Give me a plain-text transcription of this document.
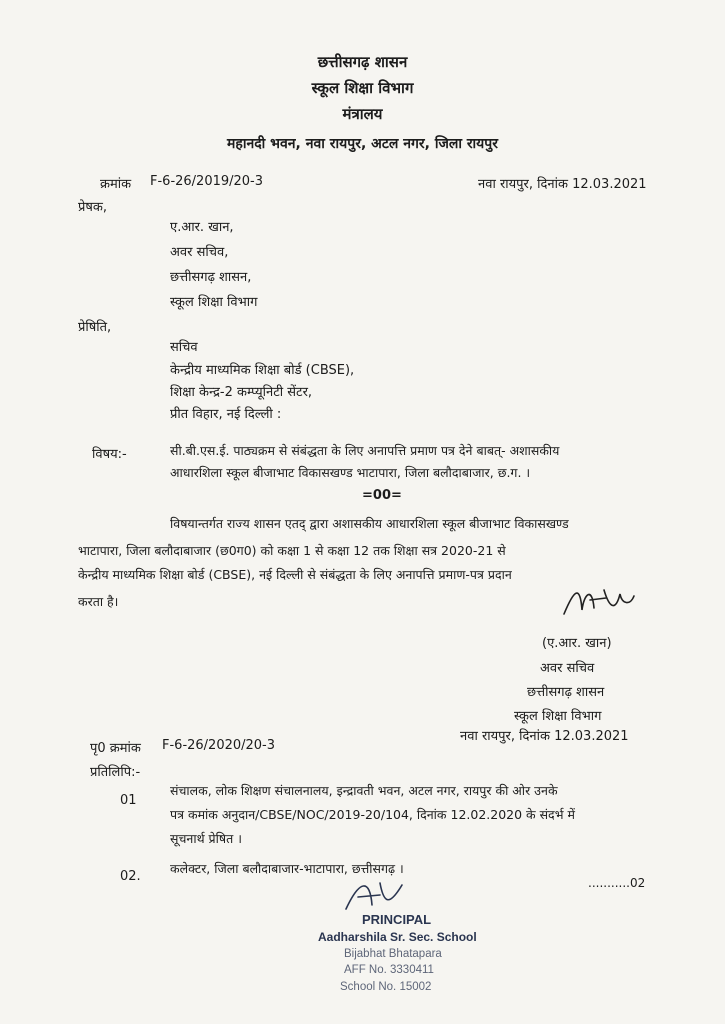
छत्तीसगढ़ शासन
स्कूल शिक्षा विभाग
मंत्रालय
महानदी भवन, नवा रायपुर, अटल नगर, जिला रायपुर
क्रमांक F-6-26/2019/20-3	नवा रायपुर, दिनांक 12.03.2021
प्रेषक,
ए.आर. खान,
अवर सचिव,
छत्तीसगढ़ शासन,
स्कूल शिक्षा विभाग
प्रेषिति,
सचिव
केन्द्रीय माध्यमिक शिक्षा बोर्ड (CBSE),
शिक्षा केन्द्र-2 कम्प्यूनिटी सेंटर,
प्रीत विहार, नई दिल्ली :
विषय:-	सी.बी.एस.ई. पाठ्यक्रम से संबंद्धता के लिए अनापत्ति प्रमाण पत्र देने बाबत्- अशासकीय
आधारशिला स्कूल बीजाभाट विकासखण्ड भाटापारा, जिला बलौदाबाजार, छ.ग. ।
=00=
विषयान्तर्गत राज्य शासन एतद् द्वारा अशासकीय आधारशिला स्कूल बीजाभाट विकासखण्ड
भाटापारा, जिला बलौदाबाजार (छ0ग0) को कक्षा 1 से कक्षा 12 तक शिक्षा सत्र 2020-21 से
केन्द्रीय माध्यमिक शिक्षा बोर्ड (CBSE), नई दिल्ली से संबंद्धता के लिए अनापत्ति प्रमाण-पत्र प्रदान
करता है।
(ए.आर. खान)
अवर सचिव
छत्तीसगढ़ शासन
स्कूल शिक्षा विभाग
नवा रायपुर, दिनांक 12.03.2021
पृ0 क्रमांक F-6-26/2020/20-3
प्रतिलिपि:-
01
संचालक, लोक शिक्षण संचालनालय, इन्द्रावती भवन, अटल नगर, रायपुर की ओर उनके
पत्र कमांक अनुदान/CBSE/NOC/2019-20/104, दिनांक 12.02.2020 के संदर्भ में
सूचनार्थ प्रेषित ।
02.
कलेक्टर, जिला बलौदाबाजार-भाटापारा, छत्तीसगढ़ ।
...........02
PRINCIPAL
Aadharshila Sr. Sec. School
Bijabhat Bhatapara
AFF No. 3330411
School No. 15002
